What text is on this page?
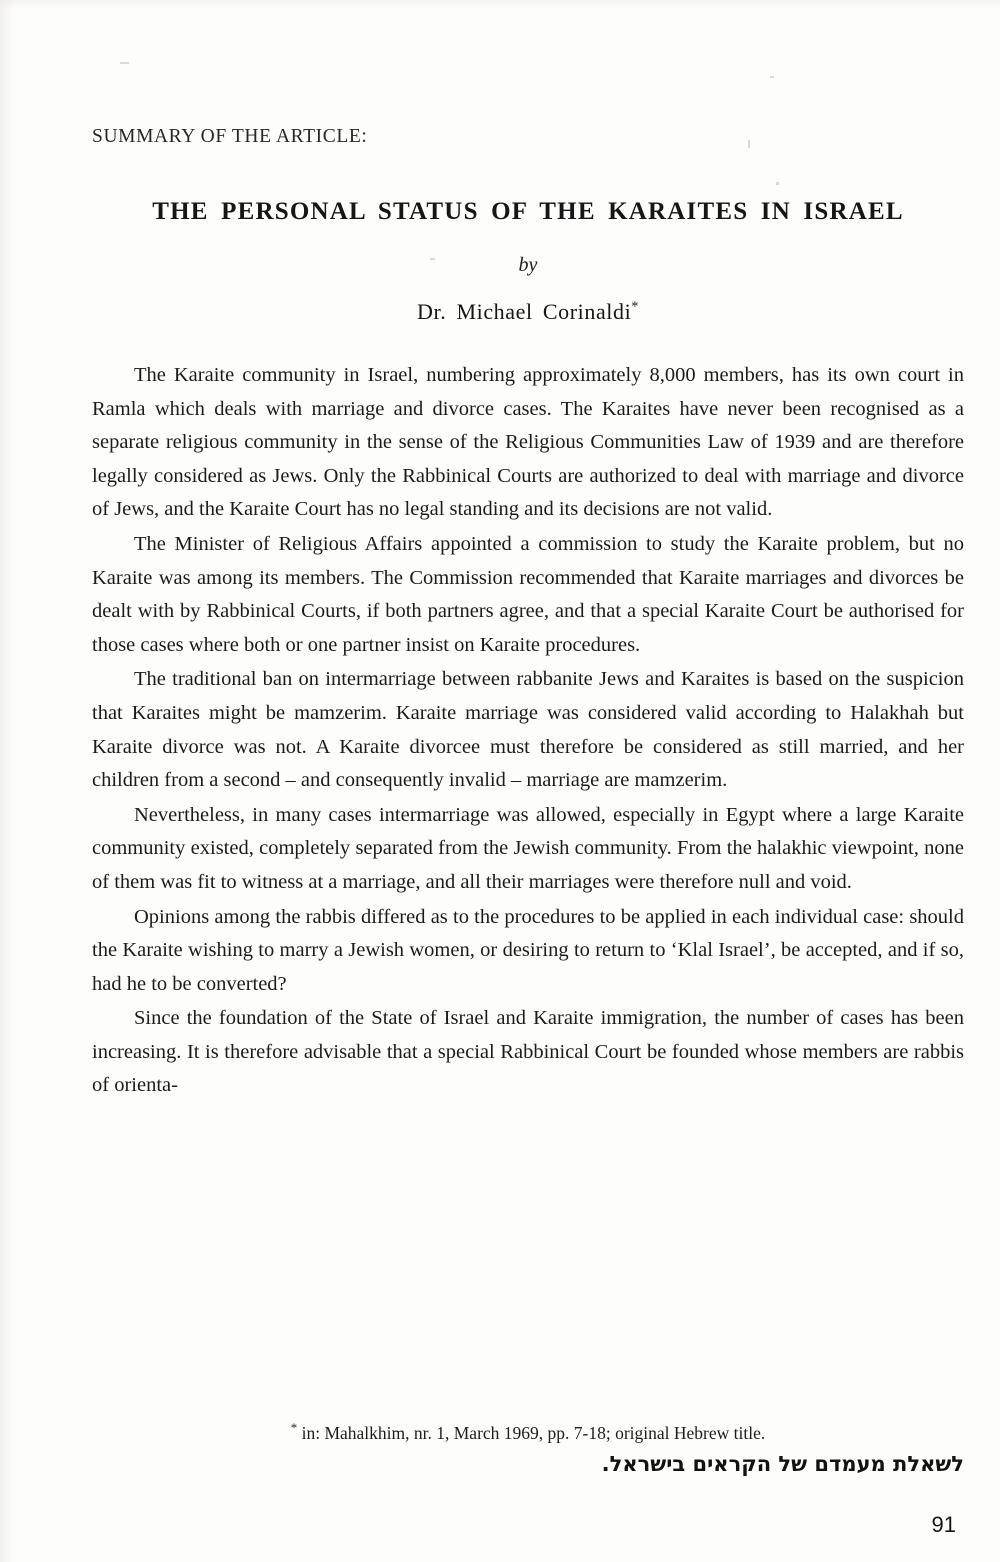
SUMMARY OF THE ARTICLE:
THE PERSONAL STATUS OF THE KARAITES IN ISRAEL
by
Dr. Michael Corinaldi*

The Karaite community in Israel, numbering approximately 8,000 members, has its own court in Ramla which deals with marriage and divorce cases. The Karaites have never been recognised as a separate religious community in the sense of the Religious Communities Law of 1939 and are therefore legally considered as Jews. Only the Rabbinical Courts are authorized to deal with marriage and divorce of Jews, and the Karaite Court has no legal standing and its decisions are not valid.

The Minister of Religious Affairs appointed a commission to study the Karaite problem, but no Karaite was among its members. The Commission recommended that Karaite marriages and divorces be dealt with by Rabbinical Courts, if both partners agree, and that a special Karaite Court be authorised for those cases where both or one partner insist on Karaite procedures.

The traditional ban on intermarriage between rabbanite Jews and Karaites is based on the suspicion that Karaites might be mamzerim. Karaite marriage was considered valid according to Halakhah but Karaite divorce was not. A Karaite divorcee must therefore be considered as still married, and her children from a second – and consequently invalid – marriage are mamzerim.

Nevertheless, in many cases intermarriage was allowed, especially in Egypt where a large Karaite community existed, completely separated from the Jewish community. From the halakhic viewpoint, none of them was fit to witness at a marriage, and all their marriages were therefore null and void.

Opinions among the rabbis differed as to the procedures to be applied in each individual case: should the Karaite wishing to marry a Jewish women, or desiring to return to ‘Klal Israel’, be accepted, and if so, had he to be converted?

Since the foundation of the State of Israel and Karaite immigration, the number of cases has been increasing. It is therefore advisable that a special Rabbinical Court be founded whose members are rabbis of orienta-

* in: Mahalkhim, nr. 1, March 1969, pp. 7-18; original Hebrew title.
לשאלת מעמדם של הקראים בישראל.
91
